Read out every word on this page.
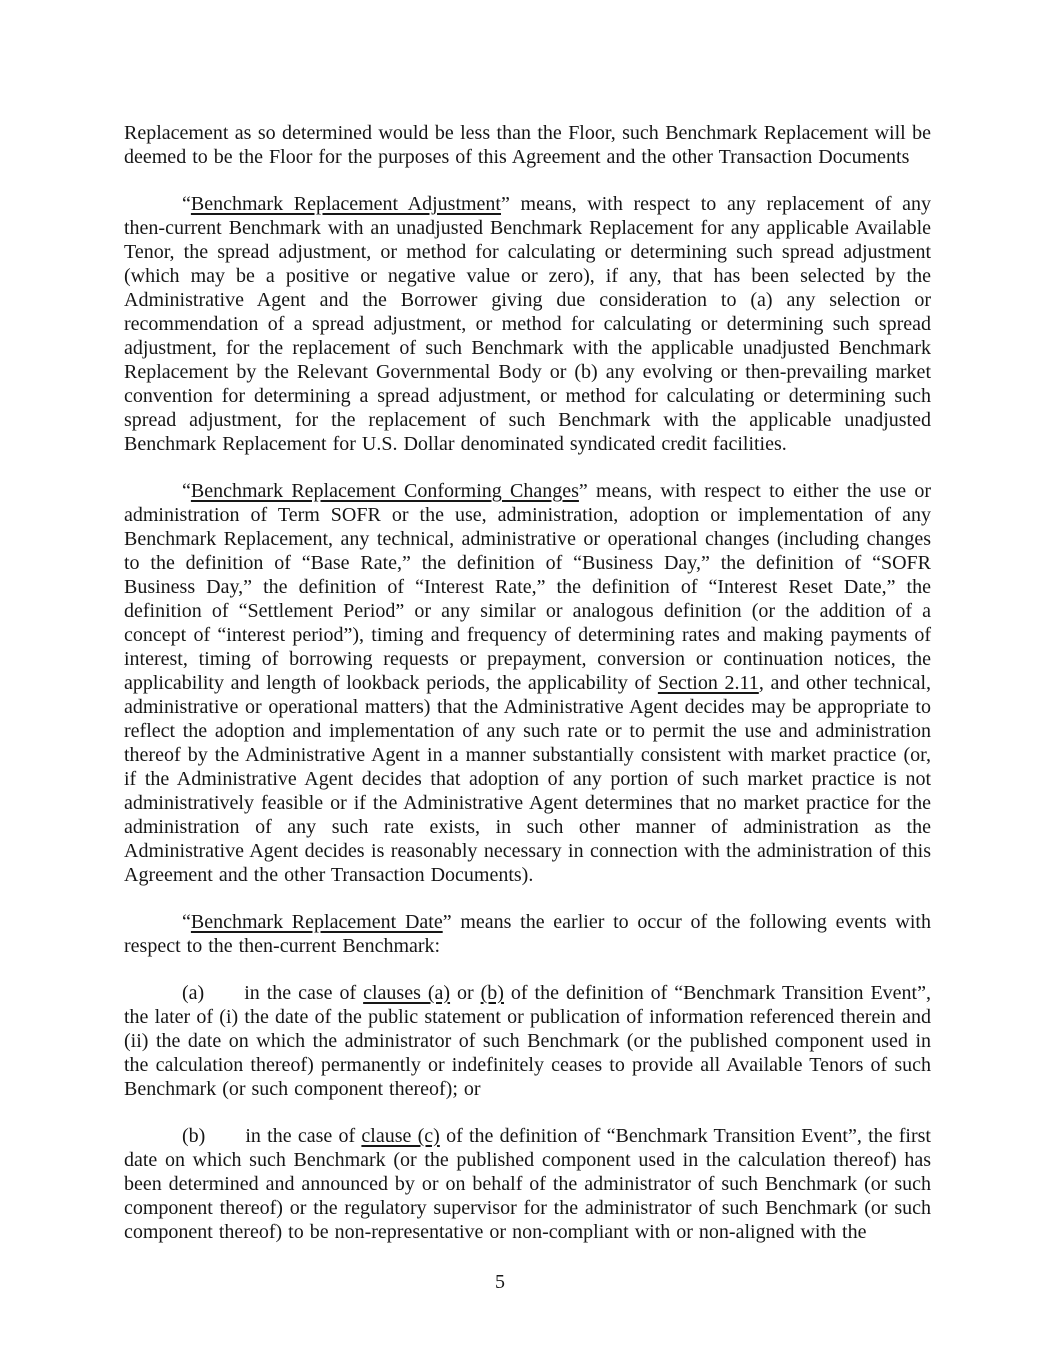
Replacement as so determined would be less than the Floor, such Benchmark Replacement will be deemed to be the Floor for the purposes of this Agreement and the other Transaction Documents

“Benchmark Replacement Adjustment” means, with respect to any replacement of any then-current Benchmark with an unadjusted Benchmark Replacement for any applicable Available Tenor, the spread adjustment, or method for calculating or determining such spread adjustment (which may be a positive or negative value or zero), if any, that has been selected by the Administrative Agent and the Borrower giving due consideration to (a) any selection or recommendation of a spread adjustment, or method for calculating or determining such spread adjustment, for the replacement of such Benchmark with the applicable unadjusted Benchmark Replacement by the Relevant Governmental Body or (b) any evolving or then-prevailing market convention for determining a spread adjustment, or method for calculating or determining such spread adjustment, for the replacement of such Benchmark with the applicable unadjusted Benchmark Replacement for U.S. Dollar denominated syndicated credit facilities.

“Benchmark Replacement Conforming Changes” means, with respect to either the use or administration of Term SOFR or the use, administration, adoption or implementation of any Benchmark Replacement, any technical, administrative or operational changes (including changes to the definition of “Base Rate,” the definition of “Business Day,” the definition of “SOFR Business Day,” the definition of “Interest Rate,” the definition of “Interest Reset Date,” the definition of “Settlement Period” or any similar or analogous definition (or the addition of a concept of “interest period”), timing and frequency of determining rates and making payments of interest, timing of borrowing requests or prepayment, conversion or continuation notices, the applicability and length of lookback periods, the applicability of Section 2.11, and other technical, administrative or operational matters) that the Administrative Agent decides may be appropriate to reflect the adoption and implementation of any such rate or to permit the use and administration thereof by the Administrative Agent in a manner substantially consistent with market practice (or, if the Administrative Agent decides that adoption of any portion of such market practice is not administratively feasible or if the Administrative Agent determines that no market practice for the administration of any such rate exists, in such other manner of administration as the Administrative Agent decides is reasonably necessary in connection with the administration of this Agreement and the other Transaction Documents).

“Benchmark Replacement Date” means the earlier to occur of the following events with respect to the then-current Benchmark:

(a) in the case of clauses (a) or (b) of the definition of “Benchmark Transition Event”, the later of (i) the date of the public statement or publication of information referenced therein and (ii) the date on which the administrator of such Benchmark (or the published component used in the calculation thereof) permanently or indefinitely ceases to provide all Available Tenors of such Benchmark (or such component thereof); or

(b) in the case of clause (c) of the definition of “Benchmark Transition Event”, the first date on which such Benchmark (or the published component used in the calculation thereof) has been determined and announced by or on behalf of the administrator of such Benchmark (or such component thereof) or the regulatory supervisor for the administrator of such Benchmark (or such component thereof) to be non-representative or non-compliant with or non-aligned with the

5
